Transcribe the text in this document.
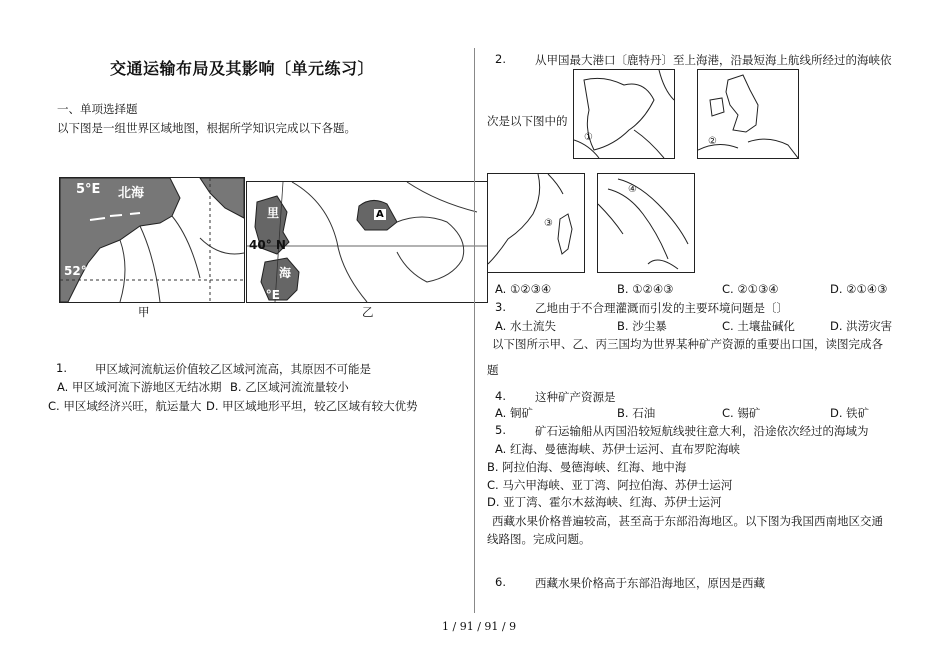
交通运输布局及其影响〔单元练习〕
一、单项选择题
以下图是一组世界区域地图，根据所学知识完成以下各题。
5°E 北海
52° N
里
海
A
40° N
50°E
甲	乙
1. 甲区域河流航运价值较乙区域河流高，其原因不可能是
A. 甲区域河流下游地区无结冰期 B. 乙区域河流流量较小
C. 甲区域经济兴旺，航运量大 D. 甲区域地形平坦，较乙区域有较大优势
2.	从甲国最大港口〔鹿特丹〕至上海港，沿最短海上航线所经过的海峡依
次是以下图中的
①	②
③
④
A. ①②③④	B. ①②④③	C. ②①③④	D. ②①④③
3.	乙地由于不合理灌溉而引发的主要环境问题是〔〕
A. 水土流失	B. 沙尘暴	C. 土壤盐碱化	D. 洪涝灾害
以下图所示甲、乙、丙三国均为世界某种矿产资源的重要出口国，读图完成各
题
4.	这种矿产资源是
A. 铜矿	B. 石油	C. 锡矿	D. 铁矿
5.	矿石运输船从丙国沿较短航线驶往意大利，沿途依次经过的海域为
A. 红海、曼德海峡、苏伊士运河、直布罗陀海峡
B. 阿拉伯海、曼德海峡、红海、地中海
C. 马六甲海峡、亚丁湾、阿拉伯海、苏伊士运河
D. 亚丁湾、霍尔木兹海峡、红海、苏伊士运河
西藏水果价格普遍较高，甚至高于东部沿海地区。以下图为我国西南地区交通
线路图。完成问题。
6.	西藏水果价格高于东部沿海地区，原因是西藏
1 / 91 / 91 / 9
